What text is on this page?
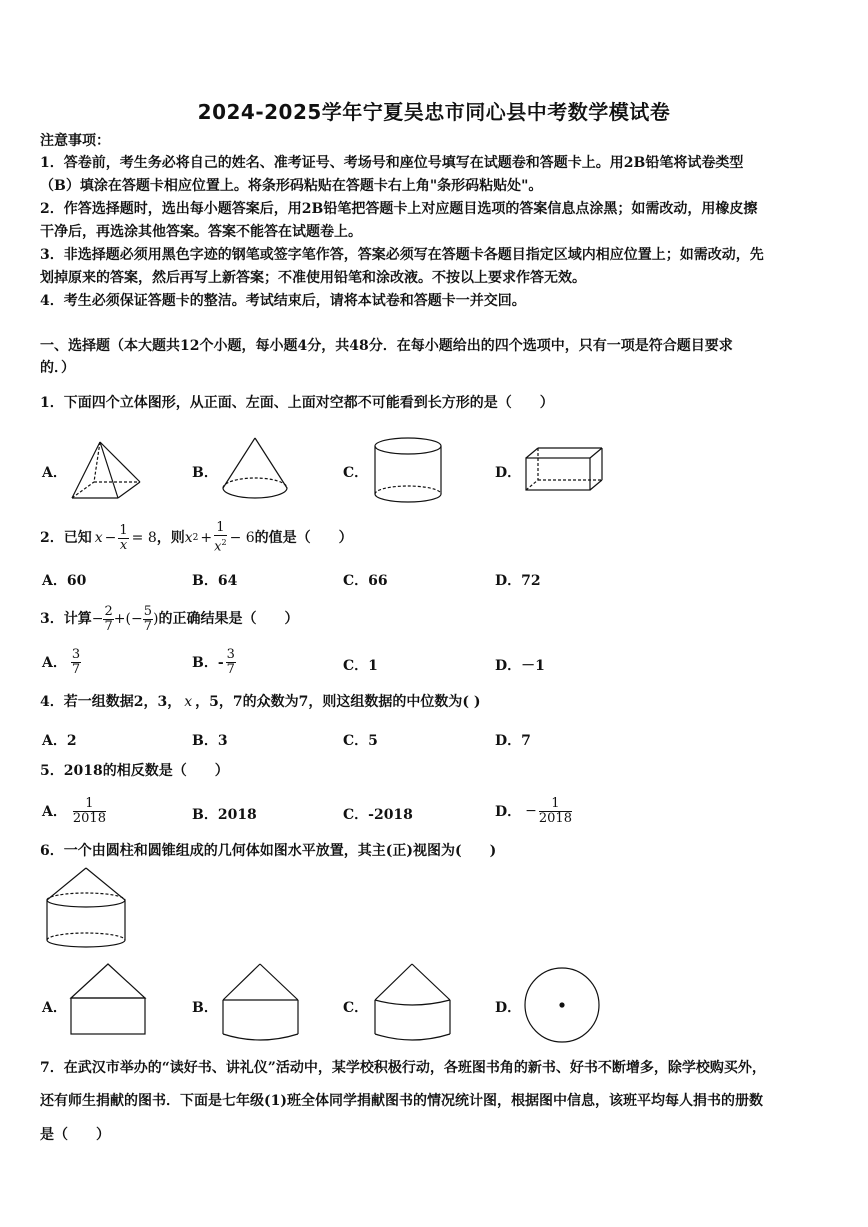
2024-2025学年宁夏吴忠市同心县中考数学模试卷
注意事项：
1．答卷前，考生务必将自己的姓名、准考证号、考场号和座位号填写在试题卷和答题卡上。用2B铅笔将试卷类型
（B）填涂在答题卡相应位置上。将条形码粘贴在答题卡右上角"条形码粘贴处"。
2．作答选择题时，选出每小题答案后，用2B铅笔把答题卡上对应题目选项的答案信息点涂黑；如需改动，用橡皮擦
干净后，再选涂其他答案。答案不能答在试题卷上。
3．非选择题必须用黑色字迹的钢笔或签字笔作答，答案必须写在答题卡各题目指定区域内相应位置上；如需改动，先
划掉原来的答案，然后再写上新答案；不准使用铅笔和涂改液。不按以上要求作答无效。
4．考生必须保证答题卡的整洁。考试结束后，请将本试卷和答题卡一并交回。
一、选择题（本大题共12个小题，每小题4分，共48分．在每小题给出的四个选项中，只有一项是符合题目要求
的．）
1．下面四个立体图形，从正面、左面、上面对空都不可能看到长方形的是（　　）
A．	B．	C．	D．
2． 已知 $x - \frac{1}{x} = 8$ ，则 x $2 + \frac{1}{x^2} - 6$ 的值是（　　）
A．60	B．64	C．66	D．72
3． 计算 − $\frac{2}{7}$ +(− $\frac{5}{7}$ ) 的正确结果是（　　）
A． $\frac{3}{7}$	B．- $\frac{3}{7}$	C．1	D．－1
4．若一组数据2，3， x ，5，7的众数为7，则这组数据的中位数为( )
A．2	B．3	C．5	D．7
5．2018的相反数是（　　）
A． $\frac{1}{2018}$	B．2018	C．-2018	D． − $\frac{1}{2018}$
6．一个由圆柱和圆锥组成的几何体如图水平放置，其主(正)视图为(　　)
A．	B．	C．	D．
7．在武汉市举办的“读好书、讲礼仪”活动中，某学校积极行动，各班图书角的新书、好书不断增多，除学校购买外，
还有师生捐献的图书．下面是七年级(1)班全体同学捐献图书的情况统计图，根据图中信息，该班平均每人捐书的册数
是（　　）
